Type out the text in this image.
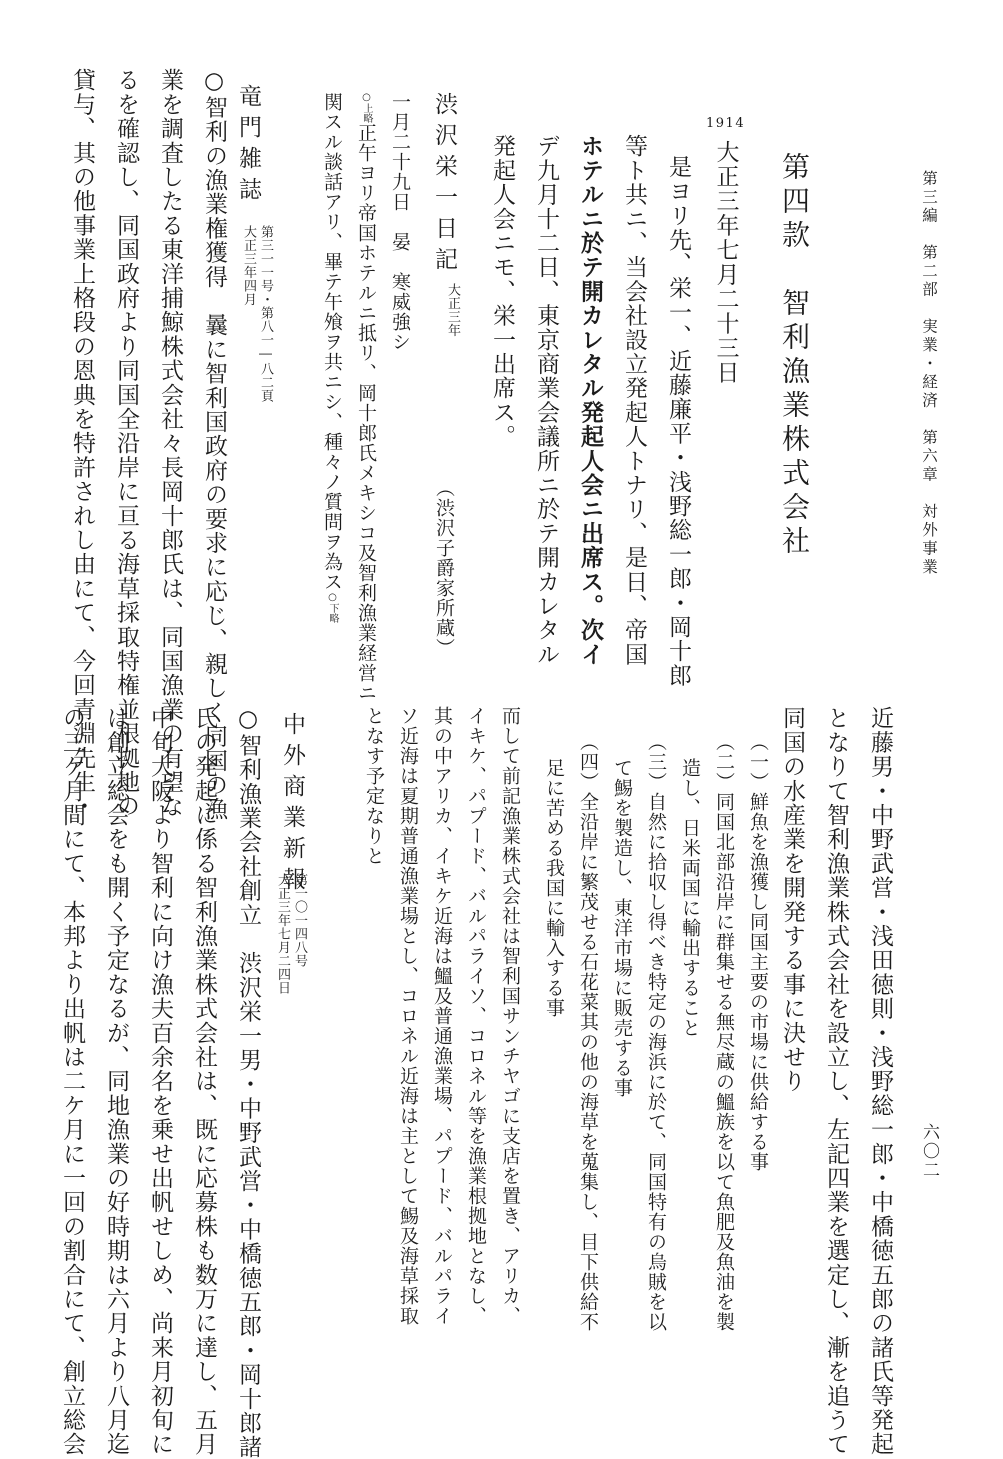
第三編　第二部　実業・経済　第六章　対外事業
六〇二
第四款　智利漁業株式会社
1914大正三年七月二十三日
是ヨリ先、栄一、近藤廉平・浅野総一郎・岡十郎
等ト共ニ、当会社設立発起人トナリ、是日、帝国
ホテルニ於テ開カレタル発起人会ニ出席ス。次イ
デ九月十二日、東京商業会議所ニ於テ開カレタル
発起人会ニモ、栄一出席ス。
渋沢栄一日記
大正三年
（渋沢子爵家所蔵）
一月二十九日　晏　寒威強シ
○上略正午ヨリ帝国ホテルニ抵リ、岡十郎氏メキシコ及智利漁業経営ニ
関スル談話アリ、畢テ午飧ヲ共ニシ、種々ノ質問ヲ為ス○下略
竜門雑誌
第三一一号・第八一―八二頁
大正三年四月
○智利の漁業権獲得　曩に智利国政府の要求に応じ、親しく同国の漁
業を調査したる東洋捕鯨株式会社々長岡十郎氏は、同国漁業の有望な
るを確認し、同国政府より同国全沿岸に亘る海草採取特権並根拠地の
貸与、其の他事業上格段の恩典を特許されし由にて、今回青淵先生・
近藤男・中野武営・浅田徳則・浅野総一郎・中橋徳五郎の諸氏等発起
となりて智利漁業株式会社を設立し、左記四業を選定し、漸を追うて
同国の水産業を開発する事に決せり
（一）鮮魚を漁獲し同国主要の市場に供給する事
（二）同国北部沿岸に群集せる無尽蔵の鰮族を以て魚肥及魚油を製
造し、日米両国に輸出すること
（三）自然に拾収し得べき特定の海浜に於て、同国特有の烏賊を以
て鯣を製造し、東洋市場に販売する事
（四）全沿岸に繁茂せる石花菜其の他の海草を蒐集し、目下供給不
足に苦める我国に輸入する事
而して前記漁業株式会社は智利国サンチヤゴに支店を置き、アリカ、
イキケ、パプード、バルパライソ、コロネル等を漁業根拠地となし、
其の中アリカ、イキケ近海は鰮及普通漁業場、パプード、バルパライ
ソ近海は夏期普通漁業場とし、コロネル近海は主として鯣及海草採取
となす予定なりと
中外商業新報
第一〇一四八号
大正三年七月二四日
○智利漁業会社創立　渋沢栄一男・中野武営・中橋徳五郎・岡十郎諸
氏の発起に係る智利漁業株式会社は、既に応募株も数万に達し、五月
中旬大阪より智利に向け漁夫百余名を乗せ出帆せしめ、尚来月初旬に
は創立総会をも開く予定なるが、同地漁業の好時期は六月より八月迄
の三ケ月間にて、本邦より出帆は二ケ月に一回の割合にて、創立総会
